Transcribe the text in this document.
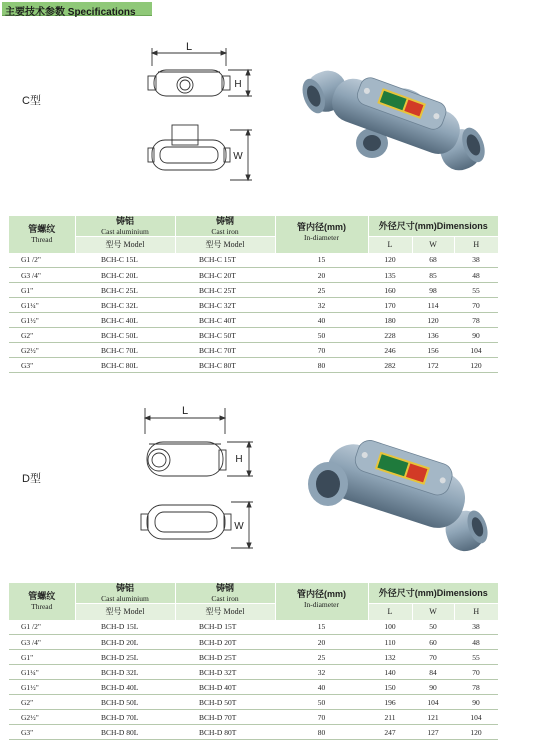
主要技术参数 Specifications
C型
L
H
W
管螺纹
Thread	铸铝
Cast aluminium	铸钢
Cast iron	管内径(mm)
In-diameter	外径尺寸(mm)Dimensions		

	型号 Model	型号 Model		L	W	H
G1 /2"	BCH-C 15L	BCH-C 15T	15	120	68	38
G3 /4"	BCH-C 20L	BCH-C 20T	20	135	85	48
G1"	BCH-C 25L	BCH-C 25T	25	160	98	55
G1¼"	BCH-C 32L	BCH-C 32T	32	170	114	70
G1½"	BCH-C 40L	BCH-C 40T	40	180	120	78
G2"	BCH-C 50L	BCH-C 50T	50	228	136	90
G2½"	BCH-C 70L	BCH-C 70T	70	246	156	104
G3"	BCH-C 80L	BCH-C 80T	80	282	172	120
D型
L
H
W
管螺纹
Thread	铸铝
Cast aluminium	铸钢
Cast iron	管内径(mm)
In-diameter	外径尺寸(mm)Dimensions		

	型号 Model	型号 Model		L	W	H
G1 /2"	BCH-D 15L	BCH-D 15T	15	100	50	38
G3 /4"	BCH-D 20L	BCH-D 20T	20	110	60	48
G1"	BCH-D 25L	BCH-D 25T	25	132	70	55
G1¼"	BCH-D 32L	BCH-D 32T	32	140	84	70
G1½"	BCH-D 40L	BCH-D 40T	40	150	90	78
G2"	BCH-D 50L	BCH-D 50T	50	196	104	90
G2½"	BCH-D 70L	BCH-D 70T	70	211	121	104
G3"	BCH-D 80L	BCH-D 80T	80	247	127	120
